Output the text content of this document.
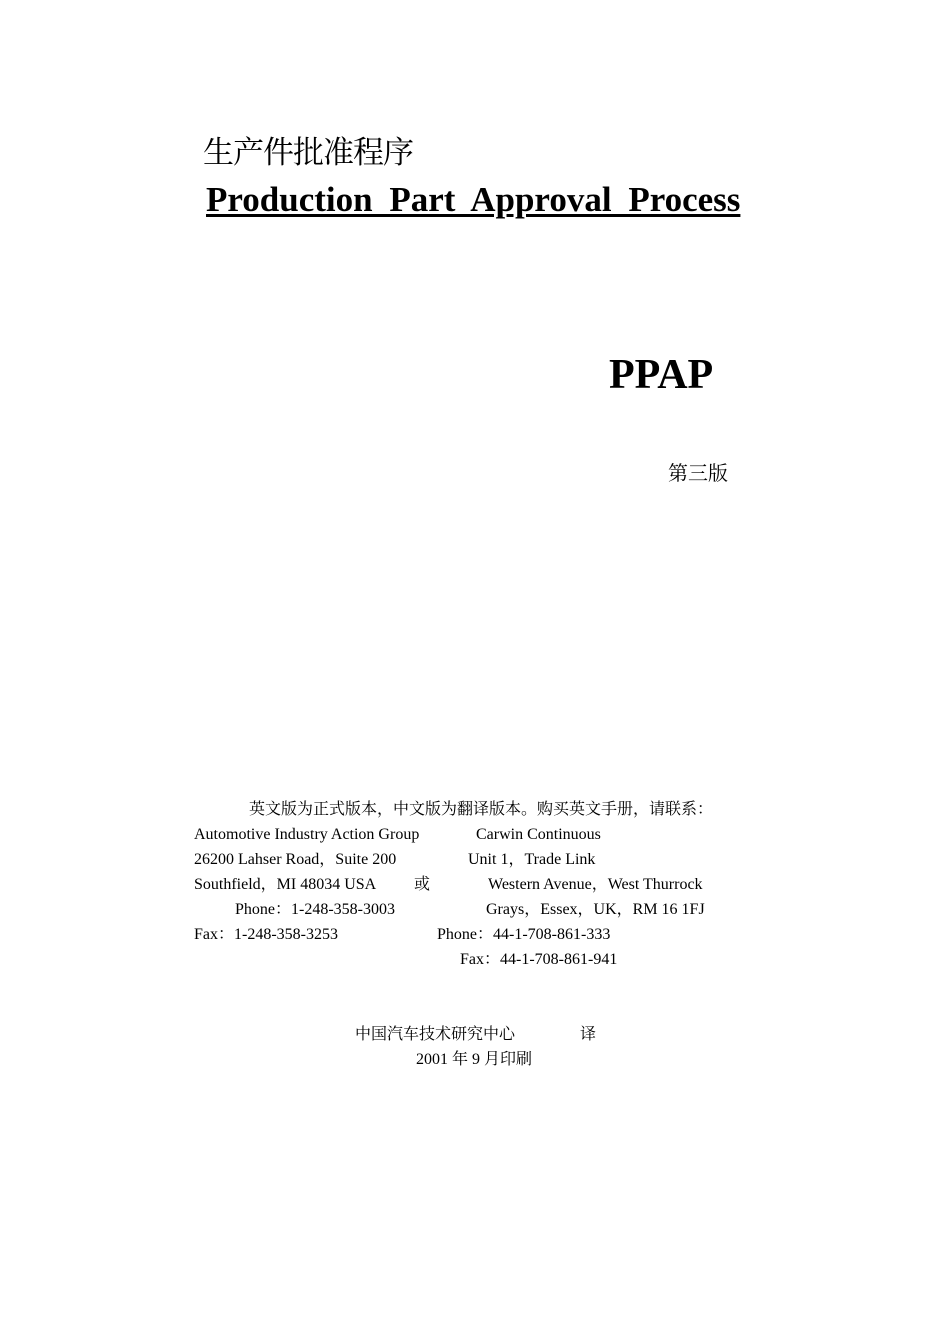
生产件批准程序
Production Part Approval Process
PPAP
第三版
英文版为正式版本，中文版为翻译版本。购买英文手册，请联系：
Automotive Industry Action Group
26200 Lahser Road，Suite 200
Southfield，MI 48034 USA
Phone：1-248-358-3003
Fax：1-248-358-3253
或
Carwin Continuous
Unit 1，Trade Link
Western Avenue，West Thurrock
Grays，Essex，UK，RM 16 1FJ
Phone：44-1-708-861-333
Fax：44-1-708-861-941
中国汽车技术研究中心	译
2001 年 9 月印刷
